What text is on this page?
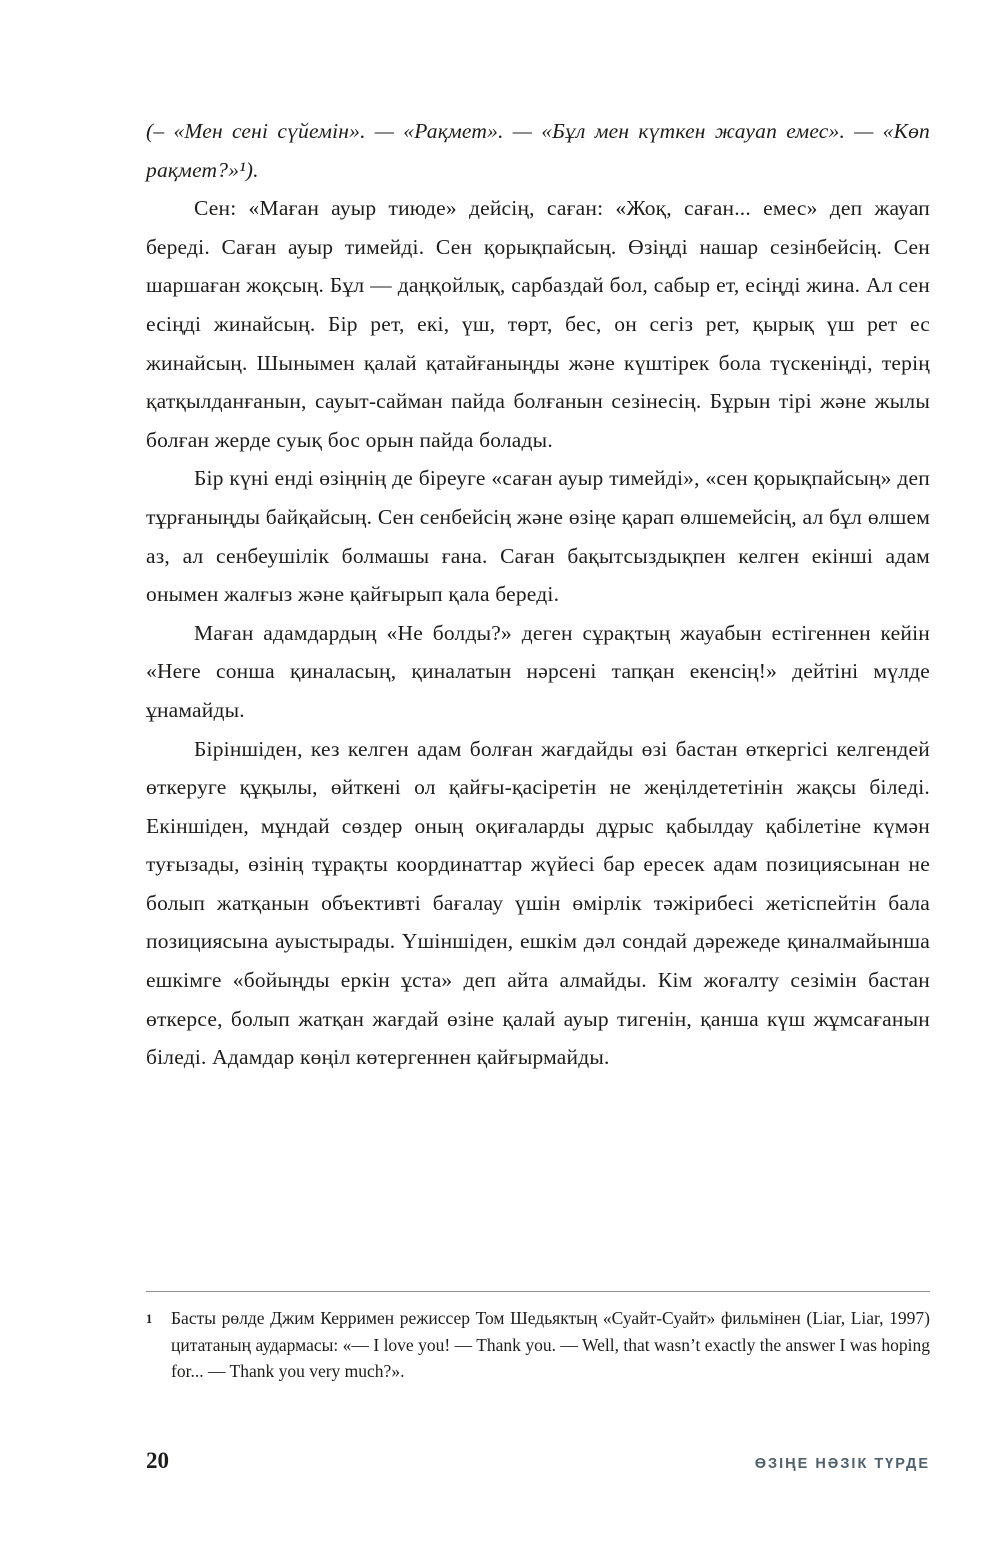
(– «Мен сені сүйемін». — «Рақмет». — «Бұл мен күткен жауап емес». — «Көп рақмет?»¹).

Сен: «Маған ауыр тиюде» дейсің, саған: «Жоқ, саған... емес» деп жауап береді. Саған ауыр тимейді. Сен қорықпайсың. Өзіңді нашар сезінбейсің. Сен шаршаған жоқсың. Бұл — даңқойлық, сарбаздай бол, сабыр ет, есіңді жина. Ал сен есіңді жинайсың. Бір рет, екі, үш, төрт, бес, он сегіз рет, қырық үш рет ес жинайсың. Шынымен қалай қатайғаныңды және күштірек бола түскеніңді, терің қатқылданғанын, сауыт-сайман пайда болғанын сезінесің. Бұрын тірі және жылы болған жерде суық бос орын пайда болады.

Бір күні енді өзіңнің де біреуге «саған ауыр тимейді», «сен қорықпайсың» деп тұрғаныңды байқайсың. Сен сенбейсің және өзіңе қарап өлшемейсің, ал бұл өлшем аз, ал сенбеушілік болмашы ғана. Саған бақытсыздықпен келген екінші адам онымен жалғыз және қайғырып қала береді.

Маған адамдардың «Не болды?» деген сұрақтың жауабын естігеннен кейін «Неге сонша қиналасың, қиналатын нәрсені тапқан екенсің!» дейтіні мүлде ұнамайды.

Біріншіден, кез келген адам болған жағдайды өзі бастан өткергісі келгендей өткеруге құқылы, өйткені ол қайғы-қасіретін не жеңілдететінін жақсы біледі. Екіншіден, мұндай сөздер оның оқиғаларды дұрыс қабылдау қабілетіне күмән туғызады, өзінің тұрақты координаттар жүйесі бар ересек адам позициясынан не болып жатқанын объективті бағалау үшін өмірлік тәжірибесі жетіспейтін бала позициясына ауыстырады. Үшіншіден, ешкім дәл сондай дәрежеде қиналмайынша ешкімге «бойыңды еркін ұста» деп айта алмайды. Кім жоғалту сезімін бастан өткерсе, болып жатқан жағдай өзіне қалай ауыр тигенін, қанша күш жұмсағанын біледі. Адамдар көңіл көтергеннен қайғырмайды.

1	Басты рөлде Джим Керримен режиссер Том Шедьяктың «Суайт-Суайт» фильмінен (Liar, Liar, 1997) цитатаның аудармасы: «— I love you! — Thank you. — Well, that wasn’t exactly the answer I was hoping for... — Thank you very much?».
20	ӨЗІҢЕ НӘЗІК ТҮРДЕ
